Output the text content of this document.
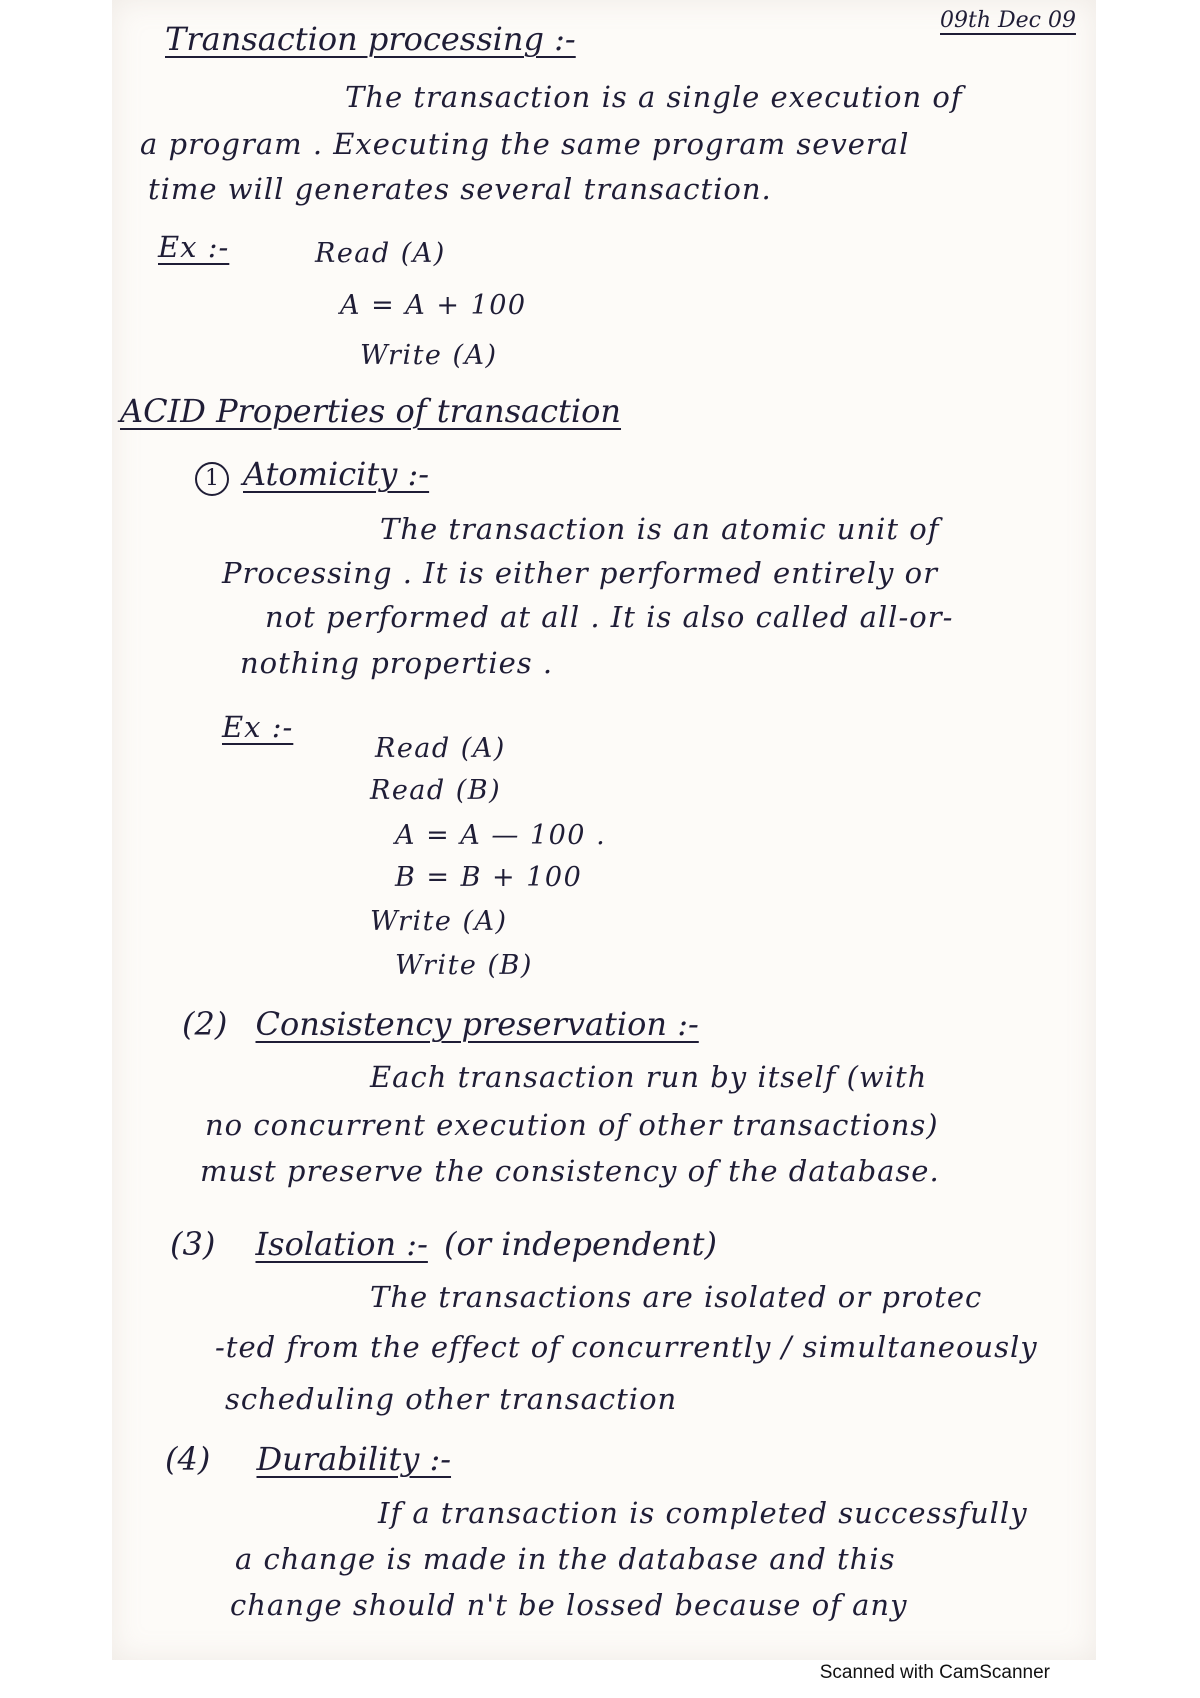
09th Dec 09
Transaction processing :-
The transaction is a single execution of
a program . Executing the same program several
time will generates several transaction.
Ex :-	Read (A)
A = A + 100
Write (A)
ACID Properties of transaction
1 Atomicity :-
The transaction is an atomic unit of
Processing . It is either performed entirely or
not performed at all . It is also called all-or-
nothing properties .
Ex :-
Read (A)
Read (B)
A = A — 100 .
B = B + 100
Write (A)
Write (B)
(2) Consistency preservation :-
Each transaction run by itself (with
no concurrent execution of other transactions)
must preserve the consistency of the database.
(3) Isolation :- (or independent)
The transactions are isolated or protec
-ted from the effect of concurrently / simultaneously
scheduling other transaction
(4) Durability :-
If a transaction is completed successfully
a change is made in the database and this
change should n't be lossed because of any
Scanned with CamScanner
